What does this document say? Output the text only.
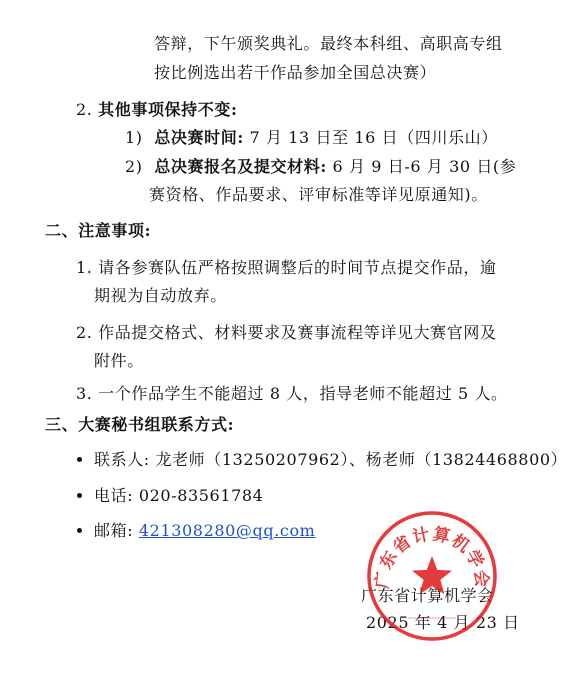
答辩，下午颁奖典礼。最终本科组、高职高专组
按比例选出若干作品参加全国总决赛）
2. 其他事项保持不变:
1) 总决赛时间: 7 月 13 日至 16 日（四川乐山）
2) 总决赛报名及提交材料: 6 月 9 日-6 月 30 日(参
赛资格、作品要求、评审标准等详见原通知)。
二、注意事项:
1. 请各参赛队伍严格按照调整后的时间节点提交作品，逾
期视为自动放弃。
2. 作品提交格式、材料要求及赛事流程等详见大赛官网及
附件。
3. 一个作品学生不能超过 8 人，指导老师不能超过 5 人。
三、大赛秘书组联系方式:
联系人: 龙老师（13250207962）、杨老师（13824468800）
电话: 020-83561784
邮箱: 421308280@qq.com
广东省计算机学会
2025 年 4 月 23 日
广东省计算机学会
